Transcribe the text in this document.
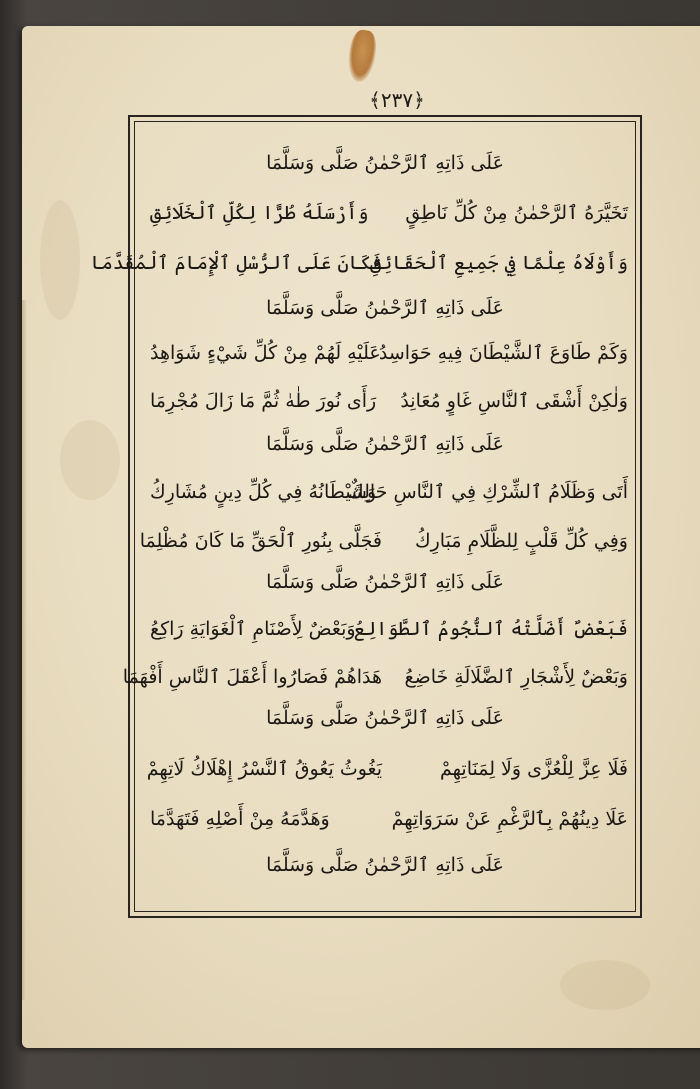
﴿٢٣٧﴾
عَلَى ذَاتِهِ ٱلرَّحْمٰنُ صَلَّى وَسَلَّمَا
تَخَيَّرَهُ ٱلرَّحْمٰنُ مِنْ كُلِّ نَاطِقٍ
وَأَرْسَلَهُ طُرًّا لِكُلِّ ٱلْخَلَائِقِ
وَأَوْلَاهُ عِلْمًا فِي جَمِيعِ ٱلْحَقَائِقِ
فَكَانَ عَلَى ٱلرُّسْلِ ٱلْإِمَامَ ٱلْمُقَدَّمَا
عَلَى ذَاتِهِ ٱلرَّحْمٰنُ صَلَّى وَسَلَّمَا
وَكَمْ طَاوَعَ ٱلشَّيْطَانَ فِيهِ حَوَاسِدُ
عَلَيْهِ لَهُمْ مِنْ كُلِّ شَيْءٍ شَوَاهِدُ
وَلٰكِنْ أَشْقَى ٱلنَّاسِ غَاوٍ مُعَانِدُ
رَأَى نُورَ طٰهٰ ثُمَّ مَا زَالَ مُجْرِمَا
عَلَى ذَاتِهِ ٱلرَّحْمٰنُ صَلَّى وَسَلَّمَا
أَتَى وَظَلَامُ ٱلشِّرْكِ فِي ٱلنَّاسِ حَالِكٌ
وَشَيْطَانُهُ فِي كُلِّ دِينٍ مُشَارِكُ
وَفِي كُلِّ قَلْبٍ لِلظَّلَامِ مَبَارِكُ
فَجَلَّى بِنُورِ ٱلْحَقِّ مَا كَانَ مُظْلِمَا
عَلَى ذَاتِهِ ٱلرَّحْمٰنُ صَلَّى وَسَلَّمَا
فَبَعْضٌ أَضَلَّتْهُ ٱلنُّجُومُ ٱلطَّوَالِعُ
وَبَعْضٌ لِأَصْنَامِ ٱلْغَوَايَةِ رَاكِعُ
وَبَعْضٌ لِأَشْجَارِ ٱلضَّلَالَةِ خَاضِعُ
هَدَاهُمْ فَصَارُوا أَعْقَلَ ٱلنَّاسِ أَفْهَمَا
عَلَى ذَاتِهِ ٱلرَّحْمٰنُ صَلَّى وَسَلَّمَا
فَلَا عِزَّ لِلْعُزَّى وَلَا لِمَنَاتِهِمْ
يَغُوثُ يَعُوقُ ٱلنَّسْرُ إِهْلَاكُ لَاتِهِمْ
عَلَا دِينُهُمْ بِٱلرَّغْمِ عَنْ سَرَوَاتِهِمْ
وَهَدَّمَهُ مِنْ أَصْلِهِ فَتَهَدَّمَا
عَلَى ذَاتِهِ ٱلرَّحْمٰنُ صَلَّى وَسَلَّمَا
